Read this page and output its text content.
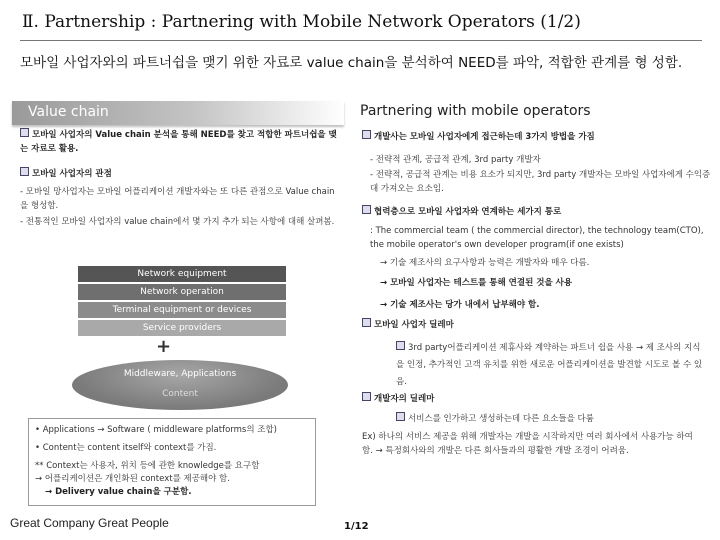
Ⅱ. Partnership : Partnering with Mobile Network Operators (1/2)
모바일 사업자와의 파트너쉽을 맺기 위한 자료로 value chain을 분석하여 NEED를 파악, 적합한 관계를 형 성함.
Value chain	Partnering with mobile operators
모바일 사업자의 Value chain 분석을 통해 NEED를 찾고 적합한 파트너쉽을 맺는 자료로 활용.
모바일 사업자의 관점
- 모바일 망사업자는 모바일 어플리케이션 개발자와는 또 다른 관점으로 Value chain을 형성함.
- 전통적인 모바일 사업자의 value chain에서 몇 가지 추가 되는 사항에 대해 살펴봄.
Network equipment
Network operation
Terminal equipment or devices
Service providers
+
Middleware, Applications
Content
• Applications → Software ( middleware platforms의 조합)
• Content는 content itself와 context를 가짐.
** Context는 사용자, 위치 등에 관한 knowledge를 요구함
→ 어플리케이션은 개인화된 context를 제공해야 함.
→ Delivery value chain을 구분함.
개발사는 모바일 사업자에게 접근하는데 3가지 방법을 가짐
- 전략적 관계, 공급적 관계, 3rd party 개발자
- 전략적, 공급적 관계는 비용 요소가 되지만, 3rd party 개발자는 모바일 사업자에게 수익증대 가져오는 요소임.
협력층으로 모바일 사업자와 연계하는 세가지 통로
: The commercial team ( the commercial director), the technology team(CTO), the mobile operator's own developer program(if one exists)
→ 기술 제조사의 요구사항과 능력은 개발자와 매우 다름.
→ 모바일 사업자는 테스트를 통해 연결된 것을 사용
→ 기술 제조사는 당가 내에서 납부해야 함.
모바일 사업자 딜레마
3rd party어플리케이션 제휴사와 계약하는 파트너 쉽을 사용 → 제 조사의 지식을 인정, 추가적인 고객 유치를 위한 새로운 어플리케이션을 발견할 시도로 볼 수 있음.
개발자의 딜레마
서비스를 인가하고 생성하는데 다른 요소들을 다룸
Ex) 하나의 서비스 제공을 위해 개발자는 개발을 시작하지만 여러 회사에서 사용가능 하여 함. → 특정회사와의 개발은 다른 회사들과의 평활한 개발 조경이 어려움.
Great Company Great People	1/12
